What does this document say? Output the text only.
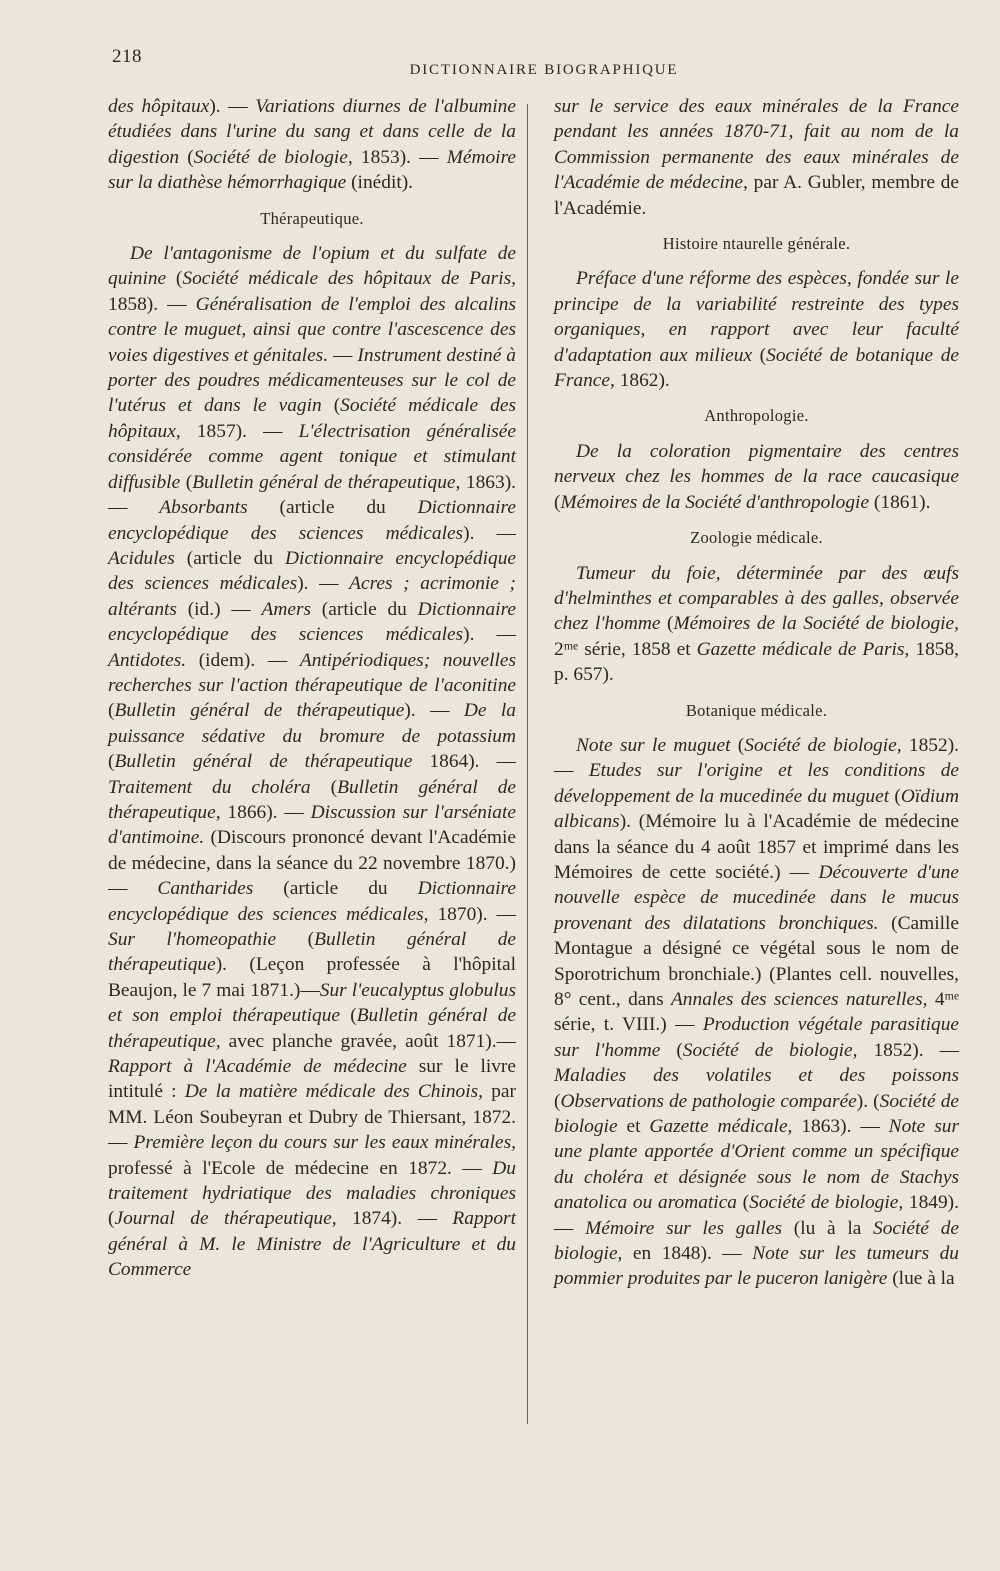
218
DICTIONNAIRE BIOGRAPHIQUE

des hôpitaux). — Variations diurnes de l'albumine étudiées dans l'urine du sang et dans celle de la digestion (Société de biologie, 1853). — Mémoire sur la diathèse hémorrhagique (inédit).

Thérapeutique.

De l'antagonisme de l'opium et du sulfate de quinine (Société médicale des hôpitaux de Paris, 1858). — Généralisation de l'emploi des alcalins contre le muguet, ainsi que contre l'ascescence des voies digestives et génitales. — Instrument destiné à porter des poudres médicamenteuses sur le col de l'utérus et dans le vagin (Société médicale des hôpitaux, 1857). — L'électrisation généralisée considérée comme agent tonique et stimulant diffusible (Bulletin général de thérapeutique, 1863). — Absorbants (article du Dictionnaire encyclopédique des sciences médicales). — Acidules (article du Dictionnaire encyclopédique des sciences médicales). — Acres ; acrimonie ; altérants (id.) — Amers (article du Dictionnaire encyclopédique des sciences médicales). — Antidotes. (idem). — Antipériodiques; nouvelles recherches sur l'action thérapeutique de l'aconitine (Bulletin général de thérapeutique). — De la puissance sédative du bromure de potassium (Bulletin général de thérapeutique 1864). — Traitement du choléra (Bulletin général de thérapeutique, 1866). — Discussion sur l'arséniate d'antimoine. (Discours prononcé devant l'Académie de médecine, dans la séance du 22 novembre 1870.) — Cantharides (article du Dictionnaire encyclopédique des sciences médicales, 1870). — Sur l'homeopathie (Bulletin général de thérapeutique). (Leçon professée à l'hôpital Beaujon, le 7 mai 1871.)—Sur l'eucalyptus globulus et son emploi thérapeutique (Bulletin général de thérapeutique, avec planche gravée, août 1871).— Rapport à l'Académie de médecine sur le livre intitulé : De la matière médicale des Chinois, par MM. Léon Soubeyran et Dubry de Thiersant, 1872. — Première leçon du cours sur les eaux minérales, professé à l'Ecole de médecine en 1872. — Du traitement hydriatique des maladies chroniques (Journal de thérapeutique, 1874). — Rapport général à M. le Ministre de l'Agriculture et du Commerce

sur le service des eaux minérales de la France pendant les années 1870-71, fait au nom de la Commission permanente des eaux minérales de l'Académie de médecine, par A. Gubler, membre de l'Académie.

Histoire ntaurelle générale.

Préface d'une réforme des espèces, fondée sur le principe de la variabilité restreinte des types organiques, en rapport avec leur faculté d'adaptation aux milieux (Société de botanique de France, 1862).

Anthropologie.

De la coloration pigmentaire des centres nerveux chez les hommes de la race caucasique (Mémoires de la Société d'anthropologie (1861).

Zoologie médicale.

Tumeur du foie, déterminée par des œufs d'helminthes et comparables à des galles, observée chez l'homme (Mémoires de la Société de biologie, 2ᵐᵉ série, 1858 et Gazette médicale de Paris, 1858, p. 657).

Botanique médicale.

Note sur le muguet (Société de biologie, 1852). — Etudes sur l'origine et les conditions de développement de la mucedinée du muguet (Oïdium albicans). (Mémoire lu à l'Académie de médecine dans la séance du 4 août 1857 et imprimé dans les Mémoires de cette société.) — Découverte d'une nouvelle espèce de mucedinée dans le mucus provenant des dilatations bronchiques. (Camille Montague a désigné ce végétal sous le nom de Sporotrichum bronchiale.) (Plantes cell. nouvelles, 8° cent., dans Annales des sciences naturelles, 4ᵐᵉ série, t. VIII.) — Production végétale parasitique sur l'homme (Société de biologie, 1852). — Maladies des volatiles et des poissons (Observations de pathologie comparée). (Société de biologie et Gazette médicale, 1863). — Note sur une plante apportée d'Orient comme un spécifique du choléra et désignée sous le nom de Stachys anatolica ou aromatica (Société de biologie, 1849). — Mémoire sur les galles (lu à la Société de biologie, en 1848). — Note sur les tumeurs du pommier produites par le puceron lanigère (lue à la
